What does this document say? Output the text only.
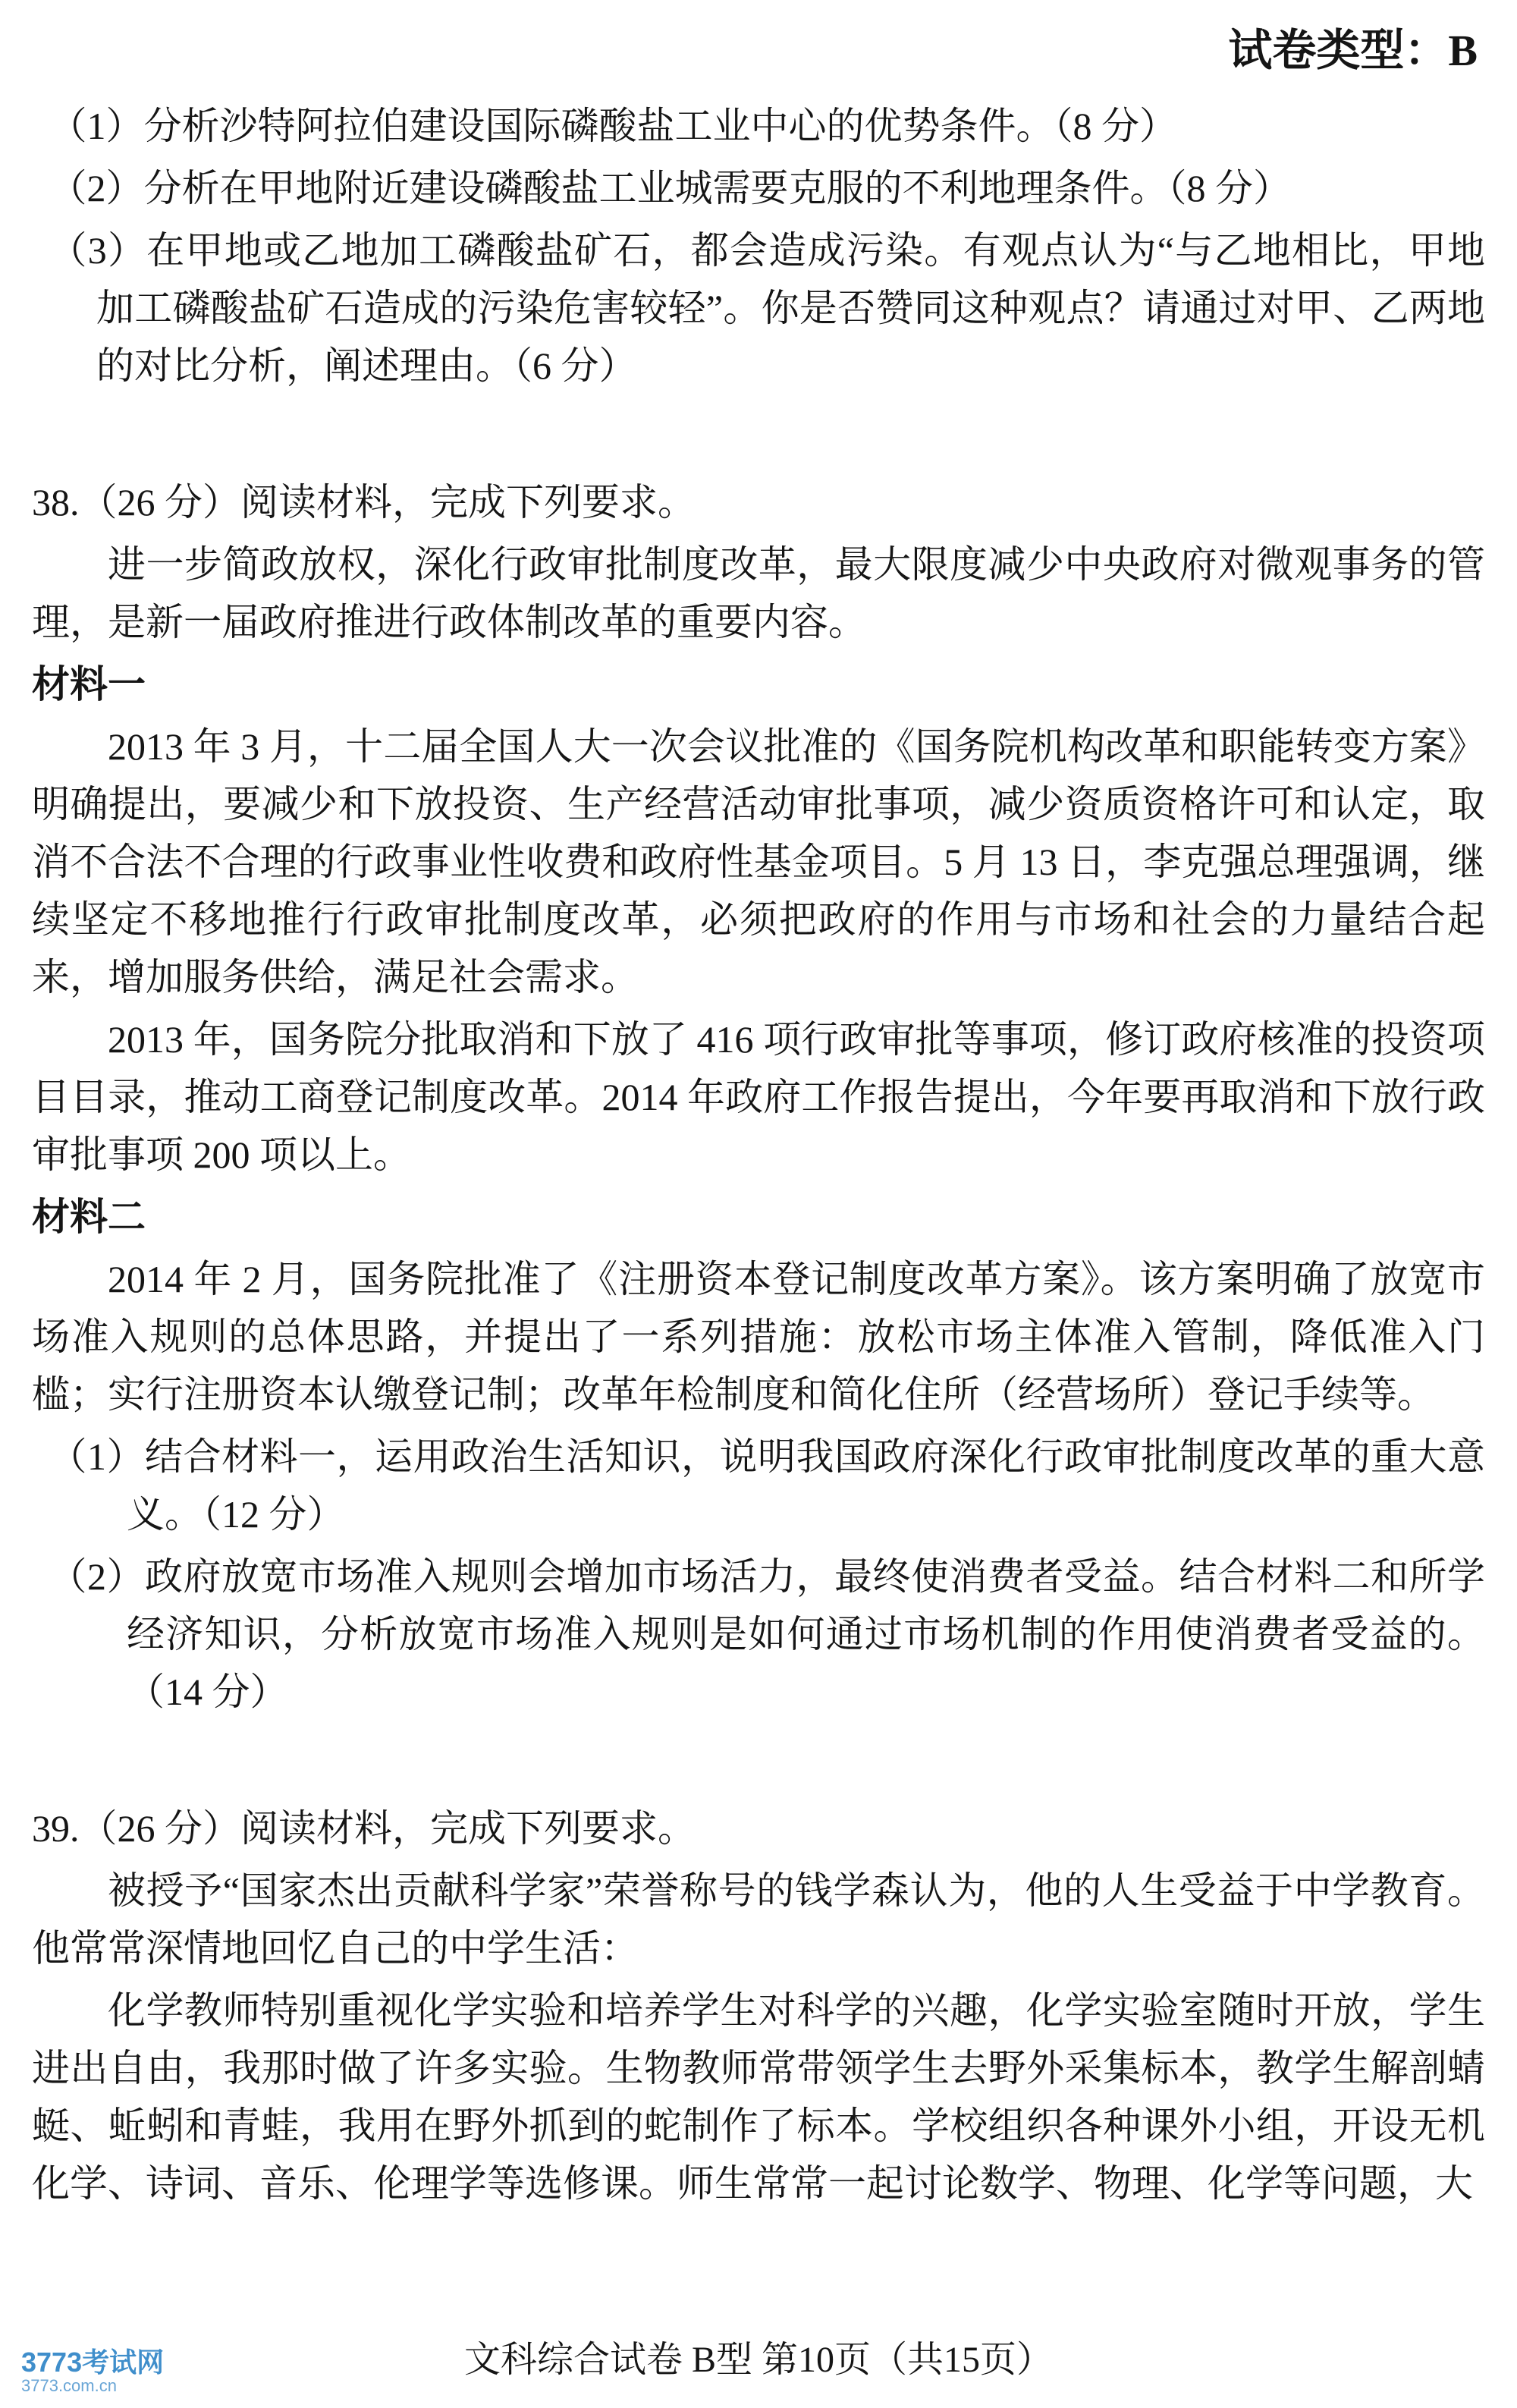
试卷类型：B

（1）分析沙特阿拉伯建设国际磷酸盐工业中心的优势条件。（8 分）

（2）分析在甲地附近建设磷酸盐工业城需要克服的不利地理条件。（8 分）

（3）在甲地或乙地加工磷酸盐矿石，都会造成污染。有观点认为“与乙地相比，甲地加工磷酸盐矿石造成的污染危害较轻”。你是否赞同这种观点？请通过对甲、乙两地的对比分析，阐述理由。（6 分）

38.（26 分）阅读材料，完成下列要求。

进一步简政放权，深化行政审批制度改革，最大限度减少中央政府对微观事务的管理，是新一届政府推进行政体制改革的重要内容。

材料一

2013 年 3 月，十二届全国人大一次会议批准的《国务院机构改革和职能转变方案》明确提出，要减少和下放投资、生产经营活动审批事项，减少资质资格许可和认定，取消不合法不合理的行政事业性收费和政府性基金项目。5 月 13 日，李克强总理强调，继续坚定不移地推行行政审批制度改革，必须把政府的作用与市场和社会的力量结合起来，增加服务供给，满足社会需求。

2013 年，国务院分批取消和下放了 416 项行政审批等事项，修订政府核准的投资项目目录，推动工商登记制度改革。2014 年政府工作报告提出，今年要再取消和下放行政审批事项 200 项以上。

材料二

2014 年 2 月，国务院批准了《注册资本登记制度改革方案》。该方案明确了放宽市场准入规则的总体思路，并提出了一系列措施：放松市场主体准入管制，降低准入门槛；实行注册资本认缴登记制；改革年检制度和简化住所（经营场所）登记手续等。

（1）结合材料一，运用政治生活知识，说明我国政府深化行政审批制度改革的重大意义。（12 分）

（2）政府放宽市场准入规则会增加市场活力，最终使消费者受益。结合材料二和所学经济知识，分析放宽市场准入规则是如何通过市场机制的作用使消费者受益的。（14 分）

39.（26 分）阅读材料，完成下列要求。

被授予“国家杰出贡献科学家”荣誉称号的钱学森认为，他的人生受益于中学教育。他常常深情地回忆自己的中学生活：

化学教师特别重视化学实验和培养学生对科学的兴趣，化学实验室随时开放，学生进出自由，我那时做了许多实验。生物教师常带领学生去野外采集标本，教学生解剖蜻蜓、蚯蚓和青蛙，我用在野外抓到的蛇制作了标本。学校组织各种课外小组，开设无机化学、诗词、音乐、伦理学等选修课。师生常常一起讨论数学、物理、化学等问题，大

文科综合试卷 B型 第10页（共15页）
3773考试网
3773.com.cn
